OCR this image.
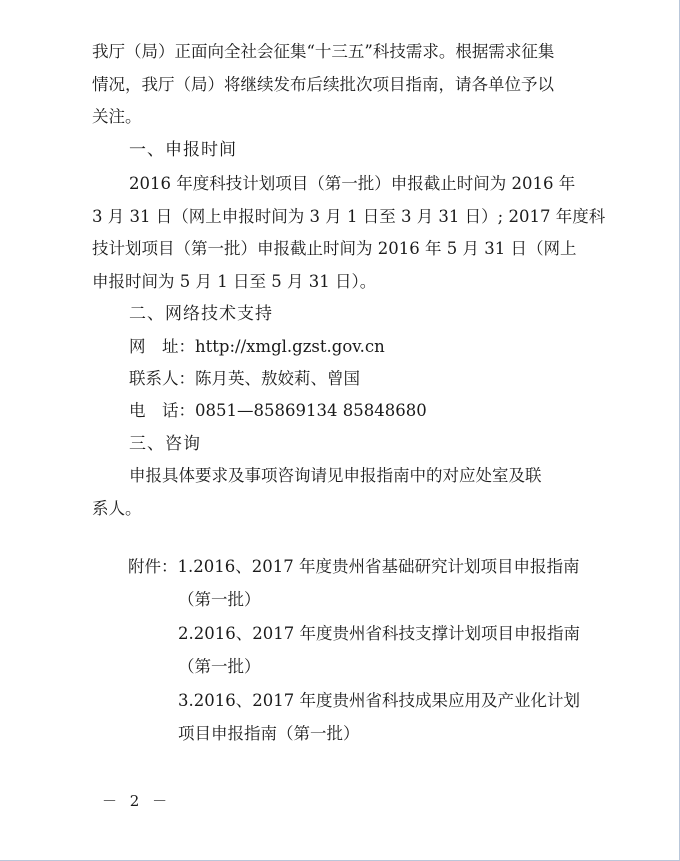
我厅（局）正面向全社会征集“十三五”科技需求。根据需求征集
情况，我厅（局）将继续发布后续批次项目指南，请各单位予以
关注。

一、申报时间

2016 年度科技计划项目（第一批）申报截止时间为 2016 年
3 月 31 日（网上申报时间为 3 月 1 日至 3 月 31 日）; 2017 年度科
技计划项目（第一批）申报截止时间为 2016 年 5 月 31 日（网上
申报时间为 5 月 1 日至 5 月 31 日）。

二、网络技术支持

网　址：http://xmgl.gzst.gov.cn

联系人：陈月英、敖姣莉、曾国

电　话：0851—85869134 85848680

三、咨询

申报具体要求及事项咨询请见申报指南中的对应处室及联
系人。

附件：1.2016、2017 年度贵州省基础研究计划项目申报指南
（第一批）
2.2016、2017 年度贵州省科技支撑计划项目申报指南
（第一批）
3.2016、2017 年度贵州省科技成果应用及产业化计划
项目申报指南（第一批）
－ 2 －
